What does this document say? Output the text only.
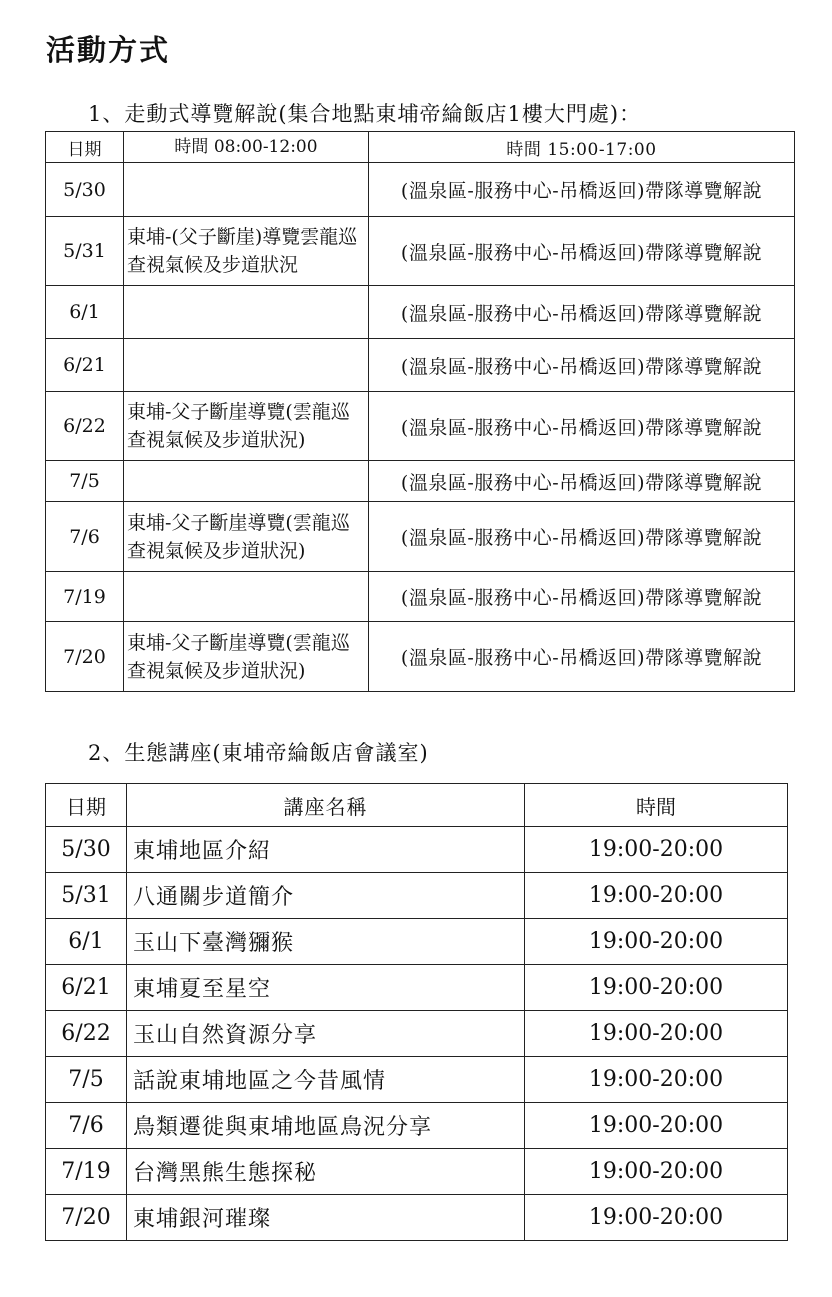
活動方式
1、走動式導覽解說(集合地點東埔帝綸飯店1樓大門處)：
日期	時間 08:00-12:00	時間 15:00-17:00
5/30		(溫泉區-服務中心-吊橋返回)帶隊導覽解說
5/31	東埔-(父子斷崖)導覽雲龍巡查視氣候及步道狀況	(溫泉區-服務中心-吊橋返回)帶隊導覽解說
6/1		(溫泉區-服務中心-吊橋返回)帶隊導覽解說
6/21		(溫泉區-服務中心-吊橋返回)帶隊導覽解說
6/22	東埔-父子斷崖導覽(雲龍巡查視氣候及步道狀況)	(溫泉區-服務中心-吊橋返回)帶隊導覽解說
7/5		(溫泉區-服務中心-吊橋返回)帶隊導覽解說
7/6	東埔-父子斷崖導覽(雲龍巡查視氣候及步道狀況)	(溫泉區-服務中心-吊橋返回)帶隊導覽解說
7/19		(溫泉區-服務中心-吊橋返回)帶隊導覽解說
7/20	東埔-父子斷崖導覽(雲龍巡查視氣候及步道狀況)	(溫泉區-服務中心-吊橋返回)帶隊導覽解說
2、生態講座(東埔帝綸飯店會議室)
日期	講座名稱	時間
5/30	東埔地區介紹	19:00-20:00
5/31	八通關步道簡介	19:00-20:00
6/1	玉山下臺灣獼猴	19:00-20:00
6/21	東埔夏至星空	19:00-20:00
6/22	玉山自然資源分享	19:00-20:00
7/5	話說東埔地區之今昔風情	19:00-20:00
7/6	鳥類遷徙與東埔地區鳥況分享	19:00-20:00
7/19	台灣黑熊生態探秘	19:00-20:00
7/20	東埔銀河璀璨	19:00-20:00
